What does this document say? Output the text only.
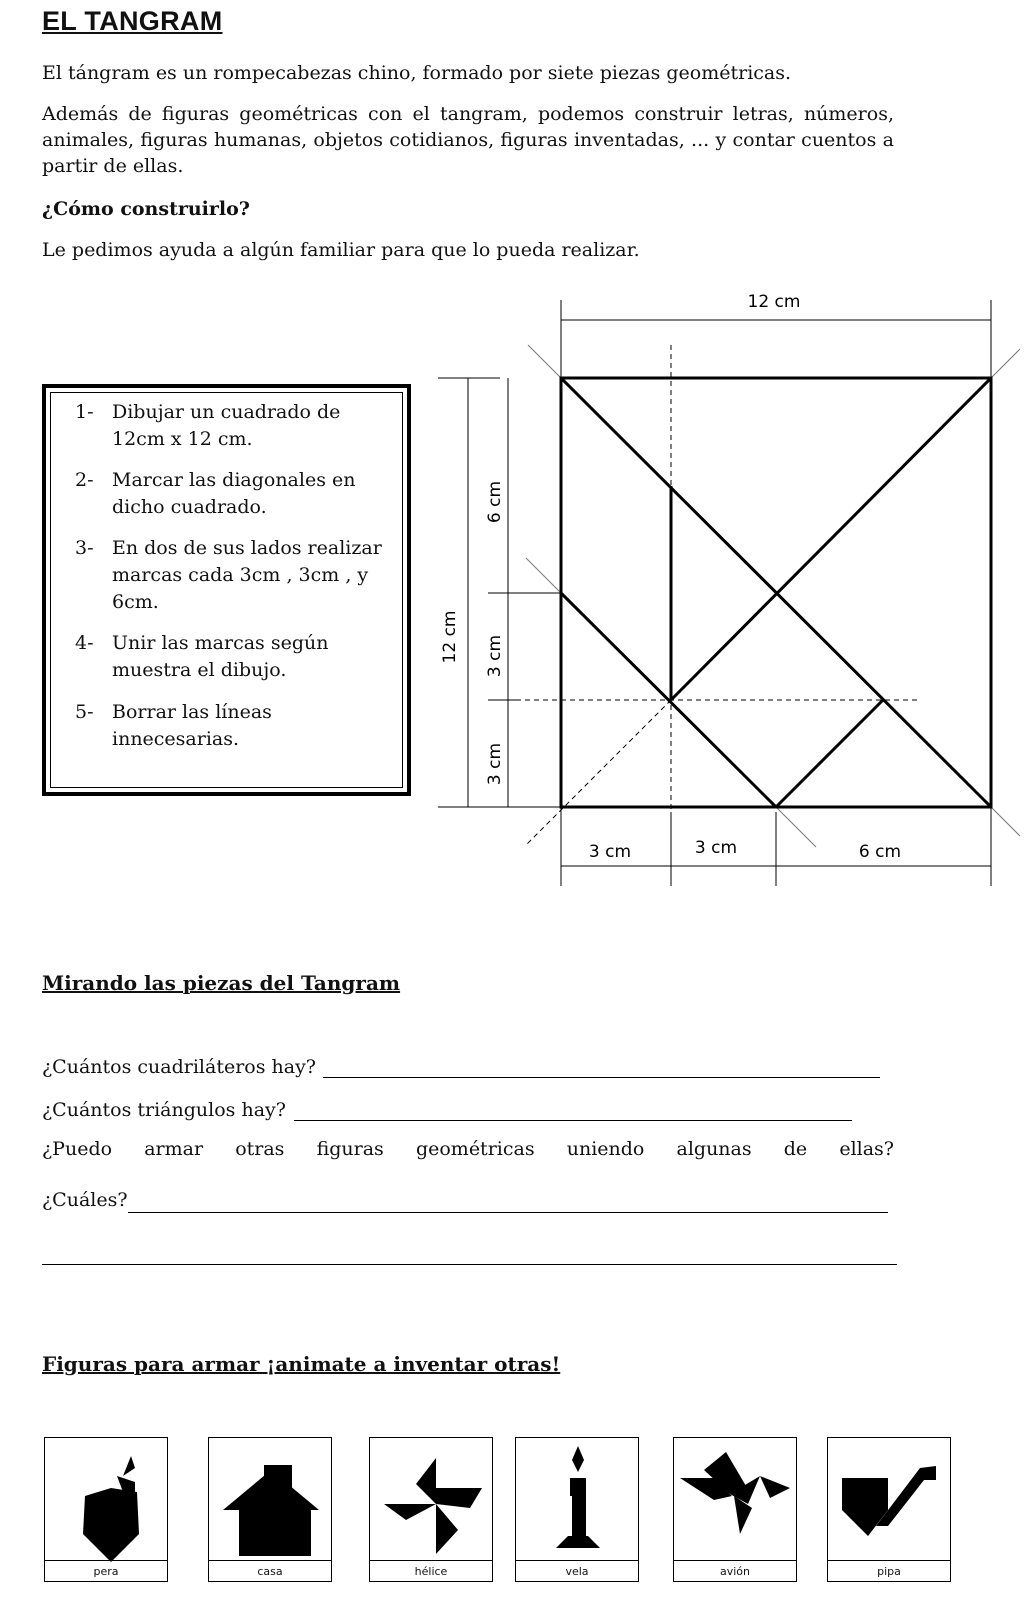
EL TANGRAM
El tángram es un rompecabezas chino, formado por siete piezas geométricas.
Además de figuras geométricas con el tangram, podemos construir letras, números, animales, figuras humanas, objetos cotidianos, figuras inventadas, ... y contar cuentos a partir de ellas.
¿Cómo construirlo?
Le pedimos ayuda a algún familiar para que lo pueda realizar.
1- Dibujar un cuadrado de 12cm x 12 cm.
2- Marcar las diagonales en dicho cuadrado.
3- En dos de sus lados realizar marcas cada 3cm , 3cm , y 6cm.
4- Unir las marcas según muestra el dibujo.
5- Borrar las líneas innecesarias.
12 cm
3 cm	3 cm	6 cm
12 cm
6 cm
3 cm
3 cm
Mirando las piezas del Tangram
¿Cuántos cuadriláteros hay?
¿Cuántos triángulos hay?
¿Puedo armar otras figuras geométricas uniendo algunas de ellas?
¿Cuáles?
Figuras para armar ¡animate a inventar otras!
pera	casa	hélice	vela	avión	pipa
